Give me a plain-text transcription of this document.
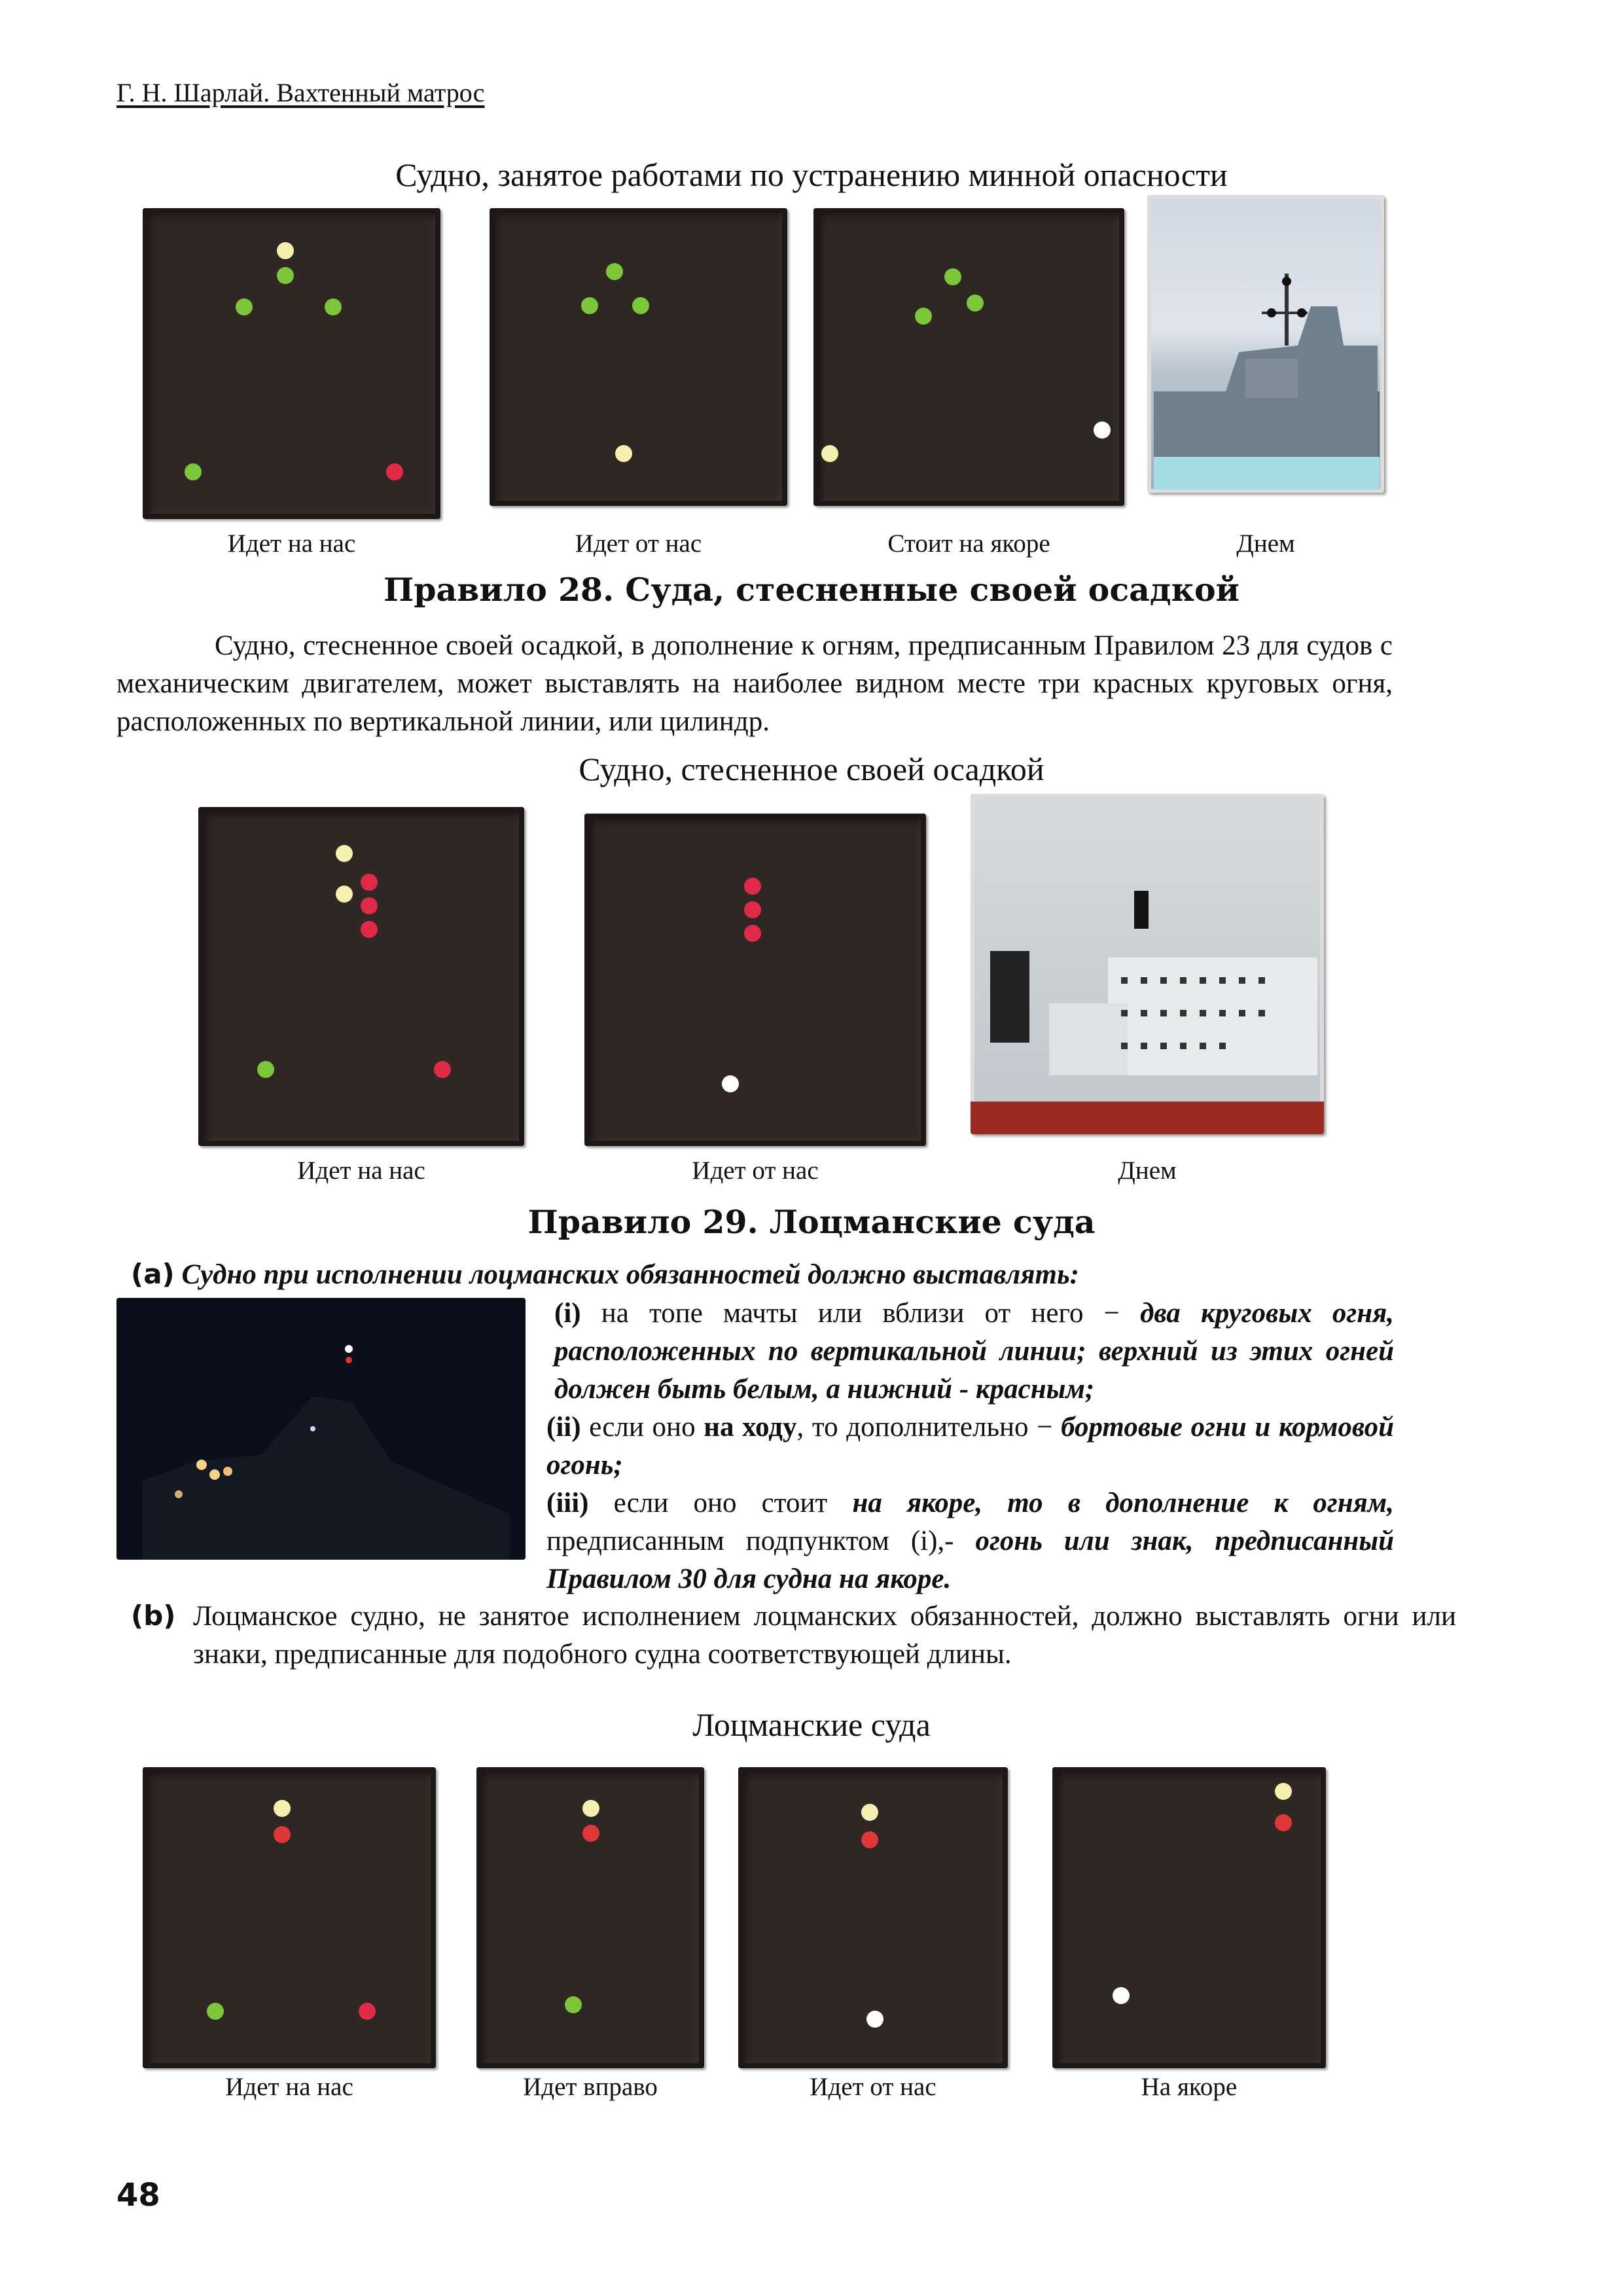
Г. Н. Шарлай. Вахтенный матрос
Судно, занятое работами по устранению минной опасности
Идет на нас	Идет от нас	Стоит на якоре	Днем
Правило 28. Суда, стесненные своей осадкой
Судно, стесненное своей осадкой, в дополнение к огням, предписанным Правилом 23 для судов с механическим двигателем, может выставлять на наиболее видном месте три красных круговых огня, расположенных по вертикальной линии, или цилиндр.
Судно, стесненное своей осадкой
Идет на нас	Идет от нас	Днем
Правило 29. Лоцманские суда
(a) Судно при исполнении лоцманских обязанностей должно выставлять:
(i) на топе мачты или вблизи от него − два круговых огня, расположенных по вертикальной линии; верхний из этих огней должен быть белым, а нижний - красным;
(ii) если оно на ходу, то дополнительно − бортовые огни и кормовой огонь;
(iii) если оно стоит на якоре, то в дополнение к огням, предписанным подпунктом (i),- огонь или знак, предписанный Правилом 30 для судна на якоре.
(b) Лоцманское судно, не занятое исполнением лоцманских обязанностей, должно выставлять огни или знаки, предписанные для подобного судна соответствующей длины.
Лоцманские суда
Идет на нас	Идет вправо	Идет от нас	На якоре
48
